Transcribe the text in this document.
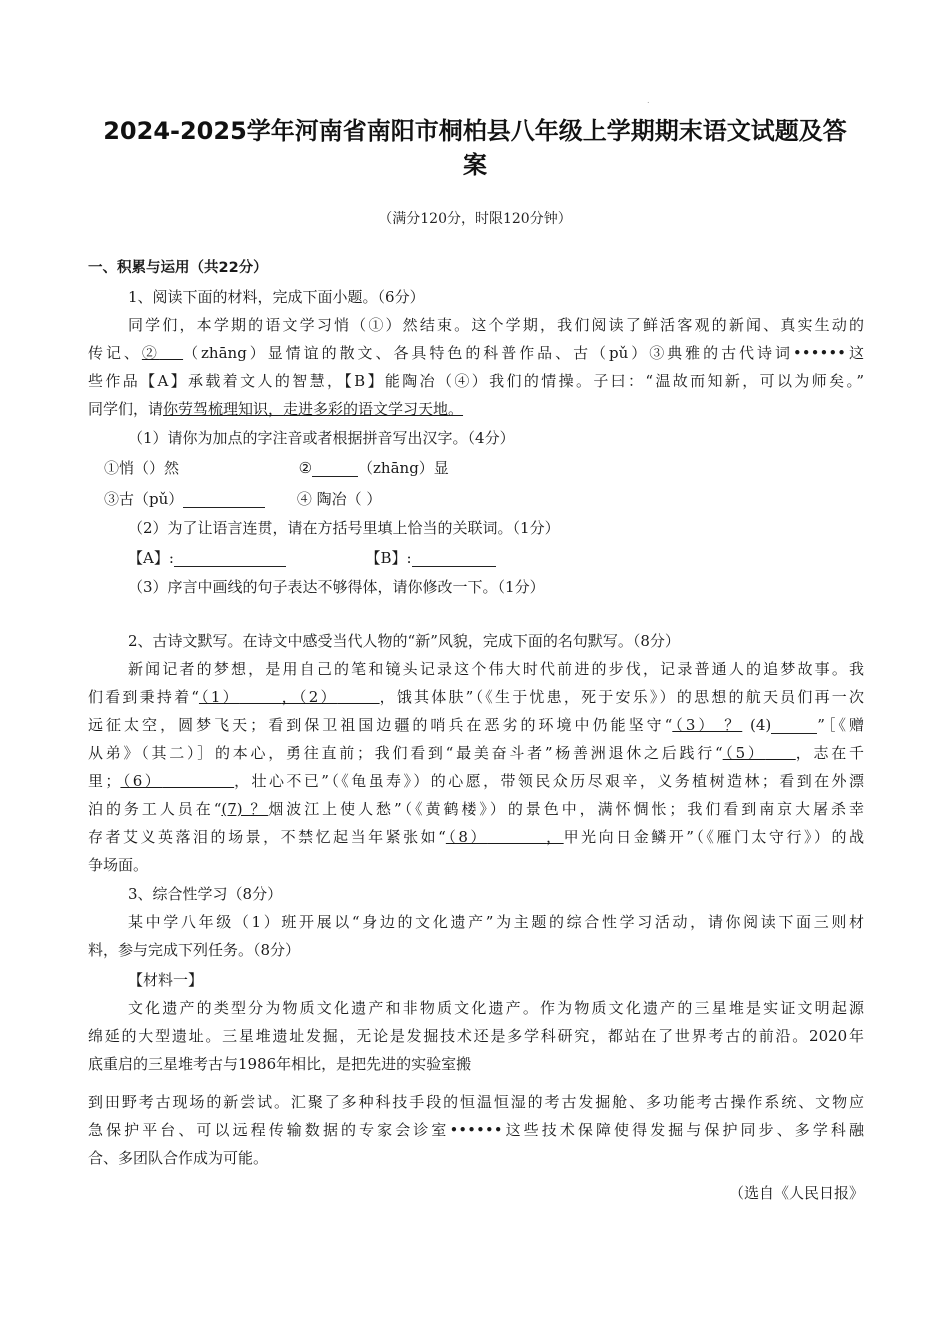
.
2024-2025学年河南省南阳市桐柏县八年级上学期期末语文试题及答
案
（满分120分，时限120分钟）
一、积累与运用（共22分）
1、阅读下面的材料，完成下面小题。（6分）
同学们，本学期的语文学习悄（①）然结束。这个学期，我们阅读了鲜活客观的新闻、真实生动的
传记、② （zhāng）显情谊的散文、各具特色的科普作品、古（pǔ）③典雅的古代诗词••••••这
些作品【A】承载着文人的智慧，【B】能陶冶（④）我们的情操。子曰：“温故而知新，可以为师矣。”
同学们，请你劳驾梳理知识，走进多彩的语文学习天地。
（1）请你为加点的字注音或者根据拼音写出汉字。（4分）
①悄（）然	②	（zhāng）显
③古（pǔ）	④ 陶冶（ ）
（2）为了让语言连贯，请在方括号里填上恰当的关联词。（1分）
【A】:	【B】:
（3）序言中画线的句子表达不够得体，请你修改一下。（1分）
2、古诗文默写。在诗文中感受当代人物的“新”风貌，完成下面的名句默写。（8分）
新闻记者的梦想，是用自己的笔和镜头记录这个伟大时代前进的步伐，记录普通人的追梦故事。我
们看到秉持着“（1）	，（2）	，饿其体肤”（《生于忧患，死于安乐》）的思想的航天员们再一次
远征太空，圆梦飞天；看到保卫祖国边疆的哨兵在恶劣的环境中仍能坚守“（3） ？ (4)	”［《赠
从弟》（其二）］的本心，勇往直前；我们看到“最美奋斗者”杨善洲退休之后践行“（5） ，志在千
里；（6）	，壮心不已”（《龟虽寿》）的心愿，带领民众历尽艰辛，义务植树造林；看到在外漂
泊的务工人员在“(7) ？烟波江上使人愁”（《黄鹤楼》）的景色中，满怀惆怅；我们看到南京大屠杀幸
存者艾义英落泪的场景，不禁忆起当年紧张如“（8）	，甲光向日金鳞开”（《雁门太守行》）的战
争场面。
3、综合性学习（8分）
某中学八年级（1）班开展以“身边的文化遗产”为主题的综合性学习活动，请你阅读下面三则材
料，参与完成下列任务。（8分）
【材料一】
文化遗产的类型分为物质文化遗产和非物质文化遗产。作为物质文化遗产的三星堆是实证文明起源
绵延的大型遗址。三星堆遗址发掘，无论是发掘技术还是多学科研究，都站在了世界考古的前沿。2020年
底重启的三星堆考古与1986年相比，是把先进的实验室搬
到田野考古现场的新尝试。汇聚了多种科技手段的恒温恒湿的考古发掘舱、多功能考古操作系统、文物应
急保护平台、可以远程传输数据的专家会诊室••••••这些技术保障使得发掘与保护同步、多学科融
合、多团队合作成为可能。
（选自《人民日报》
